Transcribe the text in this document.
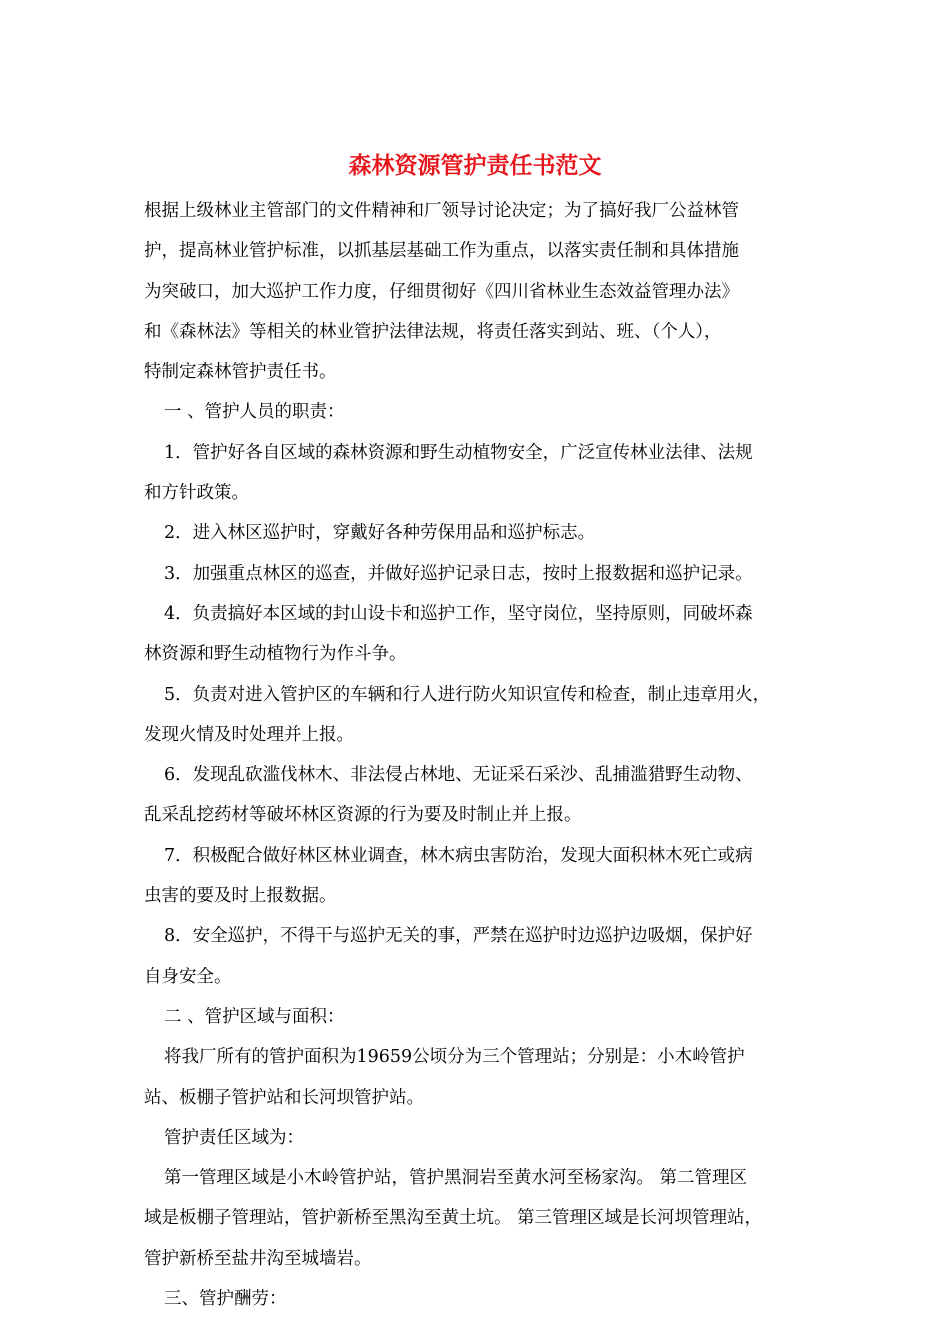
森林资源管护责任书范文
根据上级林业主管部门的文件精神和厂领导讨论决定；为了搞好我厂公益林管
护，提高林业管护标准，以抓基层基础工作为重点，以落实责任制和具体措施
为突破口，加大巡护工作力度，仔细贯彻好《四川省林业生态效益管理办法》
和《森林法》等相关的林业管护法律法规，将责任落实到站、班、（个人），
特制定森林管护责任书。
一 、管护人员的职责：
1．管护好各自区域的森林资源和野生动植物安全，广泛宣传林业法律、法规
和方针政策。
2．进入林区巡护时，穿戴好各种劳保用品和巡护标志。
3．加强重点林区的巡查，并做好巡护记录日志，按时上报数据和巡护记录。
4．负责搞好本区域的封山设卡和巡护工作，坚守岗位，坚持原则，同破坏森
林资源和野生动植物行为作斗争。
5．负责对进入管护区的车辆和行人进行防火知识宣传和检查，制止违章用火，
发现火情及时处理并上报。
6．发现乱砍滥伐林木、非法侵占林地、无证采石采沙、乱捕滥猎野生动物、
乱采乱挖药材等破坏林区资源的行为要及时制止并上报。
7．积极配合做好林区林业调查，林木病虫害防治，发现大面积林木死亡或病
虫害的要及时上报数据。
8．安全巡护，不得干与巡护无关的事，严禁在巡护时边巡护边吸烟，保护好
自身安全。
二 、管护区域与面积：
将我厂所有的管护面积为19659公顷分为三个管理站；分别是：小木岭管护
站、板棚子管护站和长河坝管护站。
管护责任区域为：
第一管理区域是小木岭管护站，管护黑洞岩至黄水河至杨家沟。 第二管理区
域是板棚子管理站，管护新桥至黑沟至黄土坑。 第三管理区域是长河坝管理站，
管护新桥至盐井沟至城墙岩。
三、管护酬劳：
